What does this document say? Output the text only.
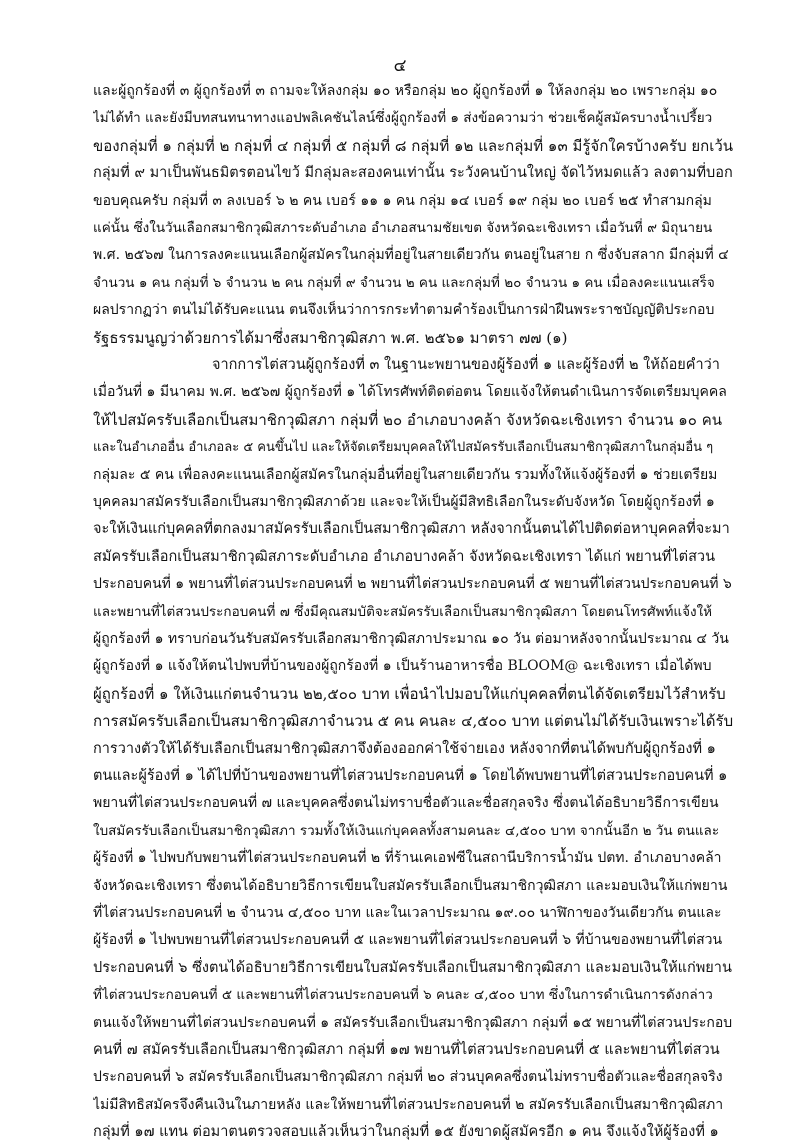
๔
และผู้ถูกร้องที่ ๓ ผู้ถูกร้องที่ ๓ ถามจะให้ลงกลุ่ม ๑๐ หรือกลุ่ม ๒๐ ผู้ถูกร้องที่ ๑ ให้ลงกลุ่ม ๒๐ เพราะกลุ่ม ๑๐
ไม่ได้ทำ และยังมีบทสนทนาทางแอปพลิเคชันไลน์ซึ่งผู้ถูกร้องที่ ๑ ส่งข้อความว่า ช่วยเช็คผู้สมัครบางน้ำเปรี้ยว
ของกลุ่มที่ ๑ กลุ่มที่ ๒ กลุ่มที่ ๔ กลุ่มที่ ๕ กลุ่มที่ ๘ กลุ่มที่ ๑๒ และกลุ่มที่ ๑๓ มีรู้จักใครบ้างครับ ยกเว้น
กลุ่มที่ ๙ มาเป็นพันธมิตรตอนไขว้ มีกลุ่มละสองคนเท่านั้น ระวังคนบ้านใหญ่ จัดไว้หมดแล้ว ลงตามที่บอก
ขอบคุณครับ กลุ่มที่ ๓ ลงเบอร์ ๖ ๒ คน เบอร์ ๑๑ ๑ คน กลุ่ม ๑๔ เบอร์ ๑๙ กลุ่ม ๒๐ เบอร์ ๒๕ ทำสามกลุ่ม
แค่นั้น ซึ่งในวันเลือกสมาชิกวุฒิสภาระดับอำเภอ อำเภอสนามชัยเขต จังหวัดฉะเชิงเทรา เมื่อวันที่ ๙ มิถุนายน
พ.ศ. ๒๕๖๗ ในการลงคะแนนเลือกผู้สมัครในกลุ่มที่อยู่ในสายเดียวกัน ตนอยู่ในสาย ก ซึ่งจับสลาก มีกลุ่มที่ ๔
จำนวน ๑ คน กลุ่มที่ ๖ จำนวน ๒ คน กลุ่มที่ ๙ จำนวน ๒ คน และกลุ่มที่ ๒๐ จำนวน ๑ คน เมื่อลงคะแนนเสร็จ
ผลปรากฏว่า ตนไม่ได้รับคะแนน ตนจึงเห็นว่าการกระทำตามคำร้องเป็นการฝ่าฝืนพระราชบัญญัติประกอบ
รัฐธรรมนูญว่าด้วยการได้มาซึ่งสมาชิกวุฒิสภา พ.ศ. ๒๕๖๑ มาตรา ๗๗ (๑)
จากการไต่สวนผู้ถูกร้องที่ ๓ ในฐานะพยานของผู้ร้องที่ ๑ และผู้ร้องที่ ๒ ให้ถ้อยคำว่า
เมื่อวันที่ ๑ มีนาคม พ.ศ. ๒๕๖๗ ผู้ถูกร้องที่ ๑ ได้โทรศัพท์ติดต่อตน โดยแจ้งให้ตนดำเนินการจัดเตรียมบุคคล
ให้ไปสมัครรับเลือกเป็นสมาชิกวุฒิสภา กลุ่มที่ ๒๐ อำเภอบางคล้า จังหวัดฉะเชิงเทรา จำนวน ๑๐ คน
และในอำเภออื่น อำเภอละ ๕ คนขึ้นไป และให้จัดเตรียมบุคคลให้ไปสมัครรับเลือกเป็นสมาชิกวุฒิสภาในกลุ่มอื่น ๆ
กลุ่มละ ๕ คน เพื่อลงคะแนนเลือกผู้สมัครในกลุ่มอื่นที่อยู่ในสายเดียวกัน รวมทั้งให้แจ้งผู้ร้องที่ ๑ ช่วยเตรียม
บุคคลมาสมัครรับเลือกเป็นสมาชิกวุฒิสภาด้วย และจะให้เป็นผู้มีสิทธิเลือกในระดับจังหวัด โดยผู้ถูกร้องที่ ๑
จะให้เงินแก่บุคคลที่ตกลงมาสมัครรับเลือกเป็นสมาชิกวุฒิสภา หลังจากนั้นตนได้ไปติดต่อหาบุคคลที่จะมา
สมัครรับเลือกเป็นสมาชิกวุฒิสภาระดับอำเภอ อำเภอบางคล้า จังหวัดฉะเชิงเทรา ได้แก่ พยานที่ไต่สวน
ประกอบคนที่ ๑ พยานที่ไต่สวนประกอบคนที่ ๒ พยานที่ไต่สวนประกอบคนที่ ๕ พยานที่ไต่สวนประกอบคนที่ ๖
และพยานที่ไต่สวนประกอบคนที่ ๗ ซึ่งมีคุณสมบัติจะสมัครรับเลือกเป็นสมาชิกวุฒิสภา โดยตนโทรศัพท์แจ้งให้
ผู้ถูกร้องที่ ๑ ทราบก่อนวันรับสมัครรับเลือกสมาชิกวุฒิสภาประมาณ ๑๐ วัน ต่อมาหลังจากนั้นประมาณ ๔ วัน
ผู้ถูกร้องที่ ๑ แจ้งให้ตนไปพบที่บ้านของผู้ถูกร้องที่ ๑ เป็นร้านอาหารชื่อ BLOOM@ ฉะเชิงเทรา เมื่อได้พบ
ผู้ถูกร้องที่ ๑ ให้เงินแก่ตนจำนวน ๒๒,๕๐๐ บาท เพื่อนำไปมอบให้แก่บุคคลที่ตนได้จัดเตรียมไว้สำหรับ
การสมัครรับเลือกเป็นสมาชิกวุฒิสภาจำนวน ๕ คน คนละ ๔,๕๐๐ บาท แต่ตนไม่ได้รับเงินเพราะได้รับ
การวางตัวให้ได้รับเลือกเป็นสมาชิกวุฒิสภาจึงต้องออกค่าใช้จ่ายเอง หลังจากที่ตนได้พบกับผู้ถูกร้องที่ ๑
ตนและผู้ร้องที่ ๑ ได้ไปที่บ้านของพยานที่ไต่สวนประกอบคนที่ ๑ โดยได้พบพยานที่ไต่สวนประกอบคนที่ ๑
พยานที่ไต่สวนประกอบคนที่ ๗ และบุคคลซึ่งตนไม่ทราบชื่อตัวและชื่อสกุลจริง ซึ่งตนได้อธิบายวิธีการเขียน
ใบสมัครรับเลือกเป็นสมาชิกวุฒิสภา รวมทั้งให้เงินแก่บุคคลทั้งสามคนละ ๔,๕๐๐ บาท จากนั้นอีก ๒ วัน ตนและ
ผู้ร้องที่ ๑ ไปพบกับพยานที่ไต่สวนประกอบคนที่ ๒ ที่ร้านเคเอฟซีในสถานีบริการน้ำมัน ปตท. อำเภอบางคล้า
จังหวัดฉะเชิงเทรา ซึ่งตนได้อธิบายวิธีการเขียนใบสมัครรับเลือกเป็นสมาชิกวุฒิสภา และมอบเงินให้แก่พยาน
ที่ไต่สวนประกอบคนที่ ๒ จำนวน ๔,๕๐๐ บาท และในเวลาประมาณ ๑๙.๐๐ นาฬิกาของวันเดียวกัน ตนและ
ผู้ร้องที่ ๑ ไปพบพยานที่ไต่สวนประกอบคนที่ ๕ และพยานที่ไต่สวนประกอบคนที่ ๖ ที่บ้านของพยานที่ไต่สวน
ประกอบคนที่ ๖ ซึ่งตนได้อธิบายวิธีการเขียนใบสมัครรับเลือกเป็นสมาชิกวุฒิสภา และมอบเงินให้แก่พยาน
ที่ไต่สวนประกอบคนที่ ๕ และพยานที่ไต่สวนประกอบคนที่ ๖ คนละ ๔,๕๐๐ บาท ซึ่งในการดำเนินการดังกล่าว
ตนแจ้งให้พยานที่ไต่สวนประกอบคนที่ ๑ สมัครรับเลือกเป็นสมาชิกวุฒิสภา กลุ่มที่ ๑๕ พยานที่ไต่สวนประกอบ
คนที่ ๗ สมัครรับเลือกเป็นสมาชิกวุฒิสภา กลุ่มที่ ๑๗ พยานที่ไต่สวนประกอบคนที่ ๕ และพยานที่ไต่สวน
ประกอบคนที่ ๖ สมัครรับเลือกเป็นสมาชิกวุฒิสภา กลุ่มที่ ๒๐ ส่วนบุคคลซึ่งตนไม่ทราบชื่อตัวและชื่อสกุลจริง
ไม่มีสิทธิสมัครจึงคืนเงินในภายหลัง และให้พยานที่ไต่สวนประกอบคนที่ ๒ สมัครรับเลือกเป็นสมาชิกวุฒิสภา
กลุ่มที่ ๑๗ แทน ต่อมาตนตรวจสอบแล้วเห็นว่าในกลุ่มที่ ๑๕ ยังขาดผู้สมัครอีก ๑ คน จึงแจ้งให้ผู้ร้องที่ ๑
